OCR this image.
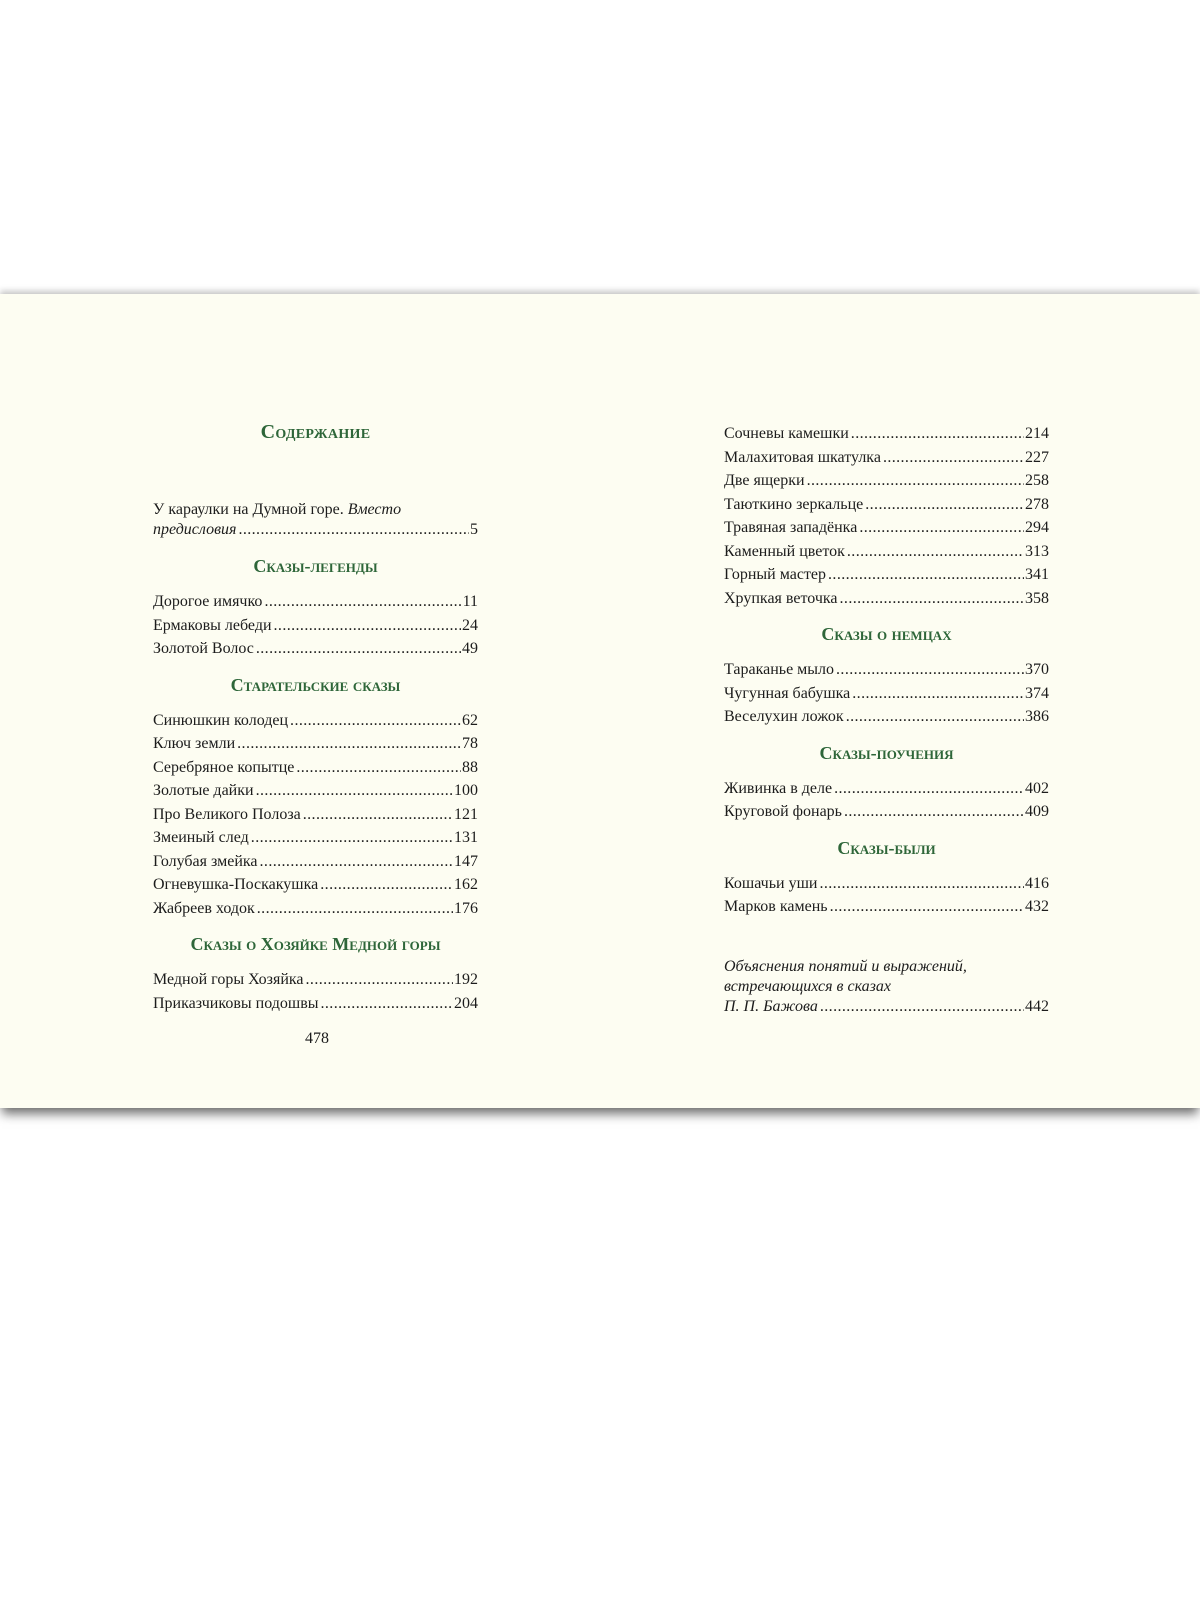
Содержание
У караулки на Думной горе. Вместо
предисловия .....	5
Сказы-легенды
Дорогое имячко .....	11
Ермаковы лебеди .....	24
Золотой Волос .....	49
Старательские сказы
Синюшкин колодец .....	62
Ключ земли .....	78
Серебряное копытце .....	88
Золотые дайки .....	100
Про Великого Полоза .....	121
Змеиный след .....	131
Голубая змейка .....	147
Огневушка-Поскакушка .....	162
Жабреев ходок .....	176
Сказы о Хозяйке Медной горы
Медной горы Хозяйка .....	192
Приказчиковы подошвы .....	204
478
Сочневы камешки .....	214
Малахитовая шкатулка .....	227
Две ящерки .....	258
Таюткино зеркальце .....	278
Травяная западёнка .....	294
Каменный цветок .....	313
Горный мастер .....	341
Хрупкая веточка .....	358
Сказы о немцах
Тараканье мыло .....	370
Чугунная бабушка .....	374
Веселухин ложок .....	386
Сказы-поучения
Живинка в деле .....	402
Круговой фонарь .....	409
Сказы-были
Кошачьи уши .....	416
Марков камень .....	432
Объяснения понятий и выражений,
встречающихся в сказах
П. П. Бажова .....	442
